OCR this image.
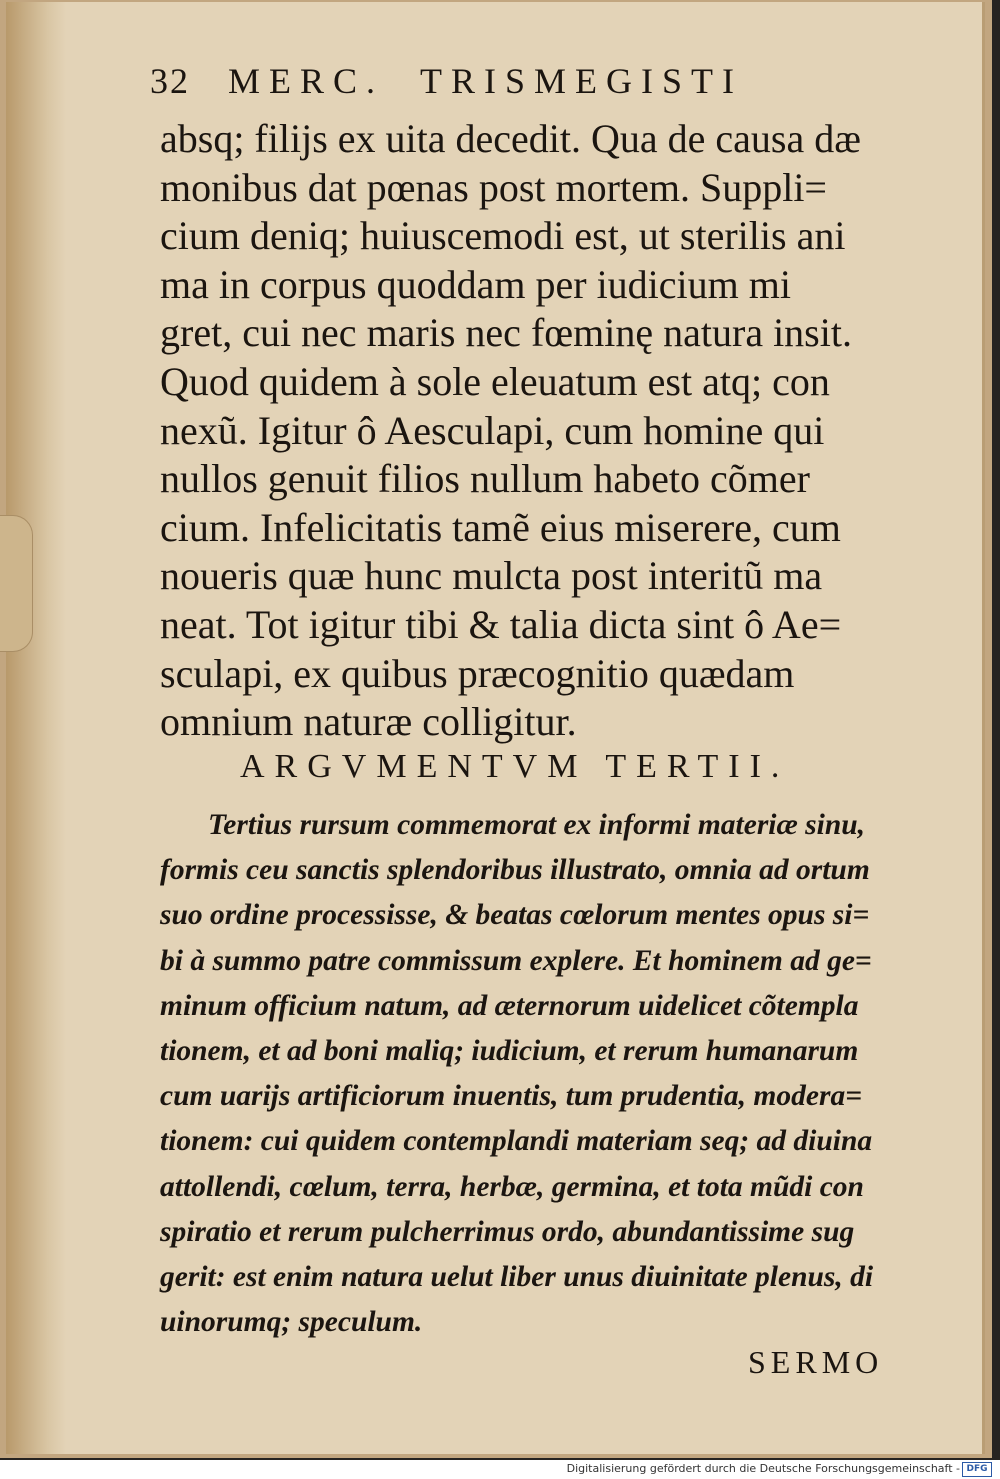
32 MERC. TRISMEGISTI
absq; filijs ex uita decedit. Qua de causa dæ
monibus dat pœnas post mortem. Suppli=
cium deniq; huiuscemodi est, ut sterilis ani
ma in corpus quoddam per iudicium mi
gret, cui nec maris nec fœminę natura insit.
Quod quidem à sole eleuatum est atq; con
nexũ. Igitur ô Aesculapi, cum homine qui
nullos genuit filios nullum habeto cõmer
cium. Infelicitatis tamẽ eius miserere, cum
noueris quæ hunc mulcta post interitũ ma
neat. Tot igitur tibi & talia dicta sint ô Ae=
sculapi, ex quibus præcognitio quædam
omnium naturæ colligitur.
ARGVMENTVM TERTII.
Tertius rursum commemorat ex informi materiæ sinu,
formis ceu sanctis splendoribus illustrato, omnia ad ortum
suo ordine processisse, & beatas cœlorum mentes opus si=
bi à summo patre commissum explere. Et hominem ad ge=
minum officium natum, ad æternorum uidelicet cõtempla
tionem, et ad boni maliq; iudicium, et rerum humanarum
cum uarijs artificiorum inuentis, tum prudentia, modera=
tionem: cui quidem contemplandi materiam seq; ad diuina
attollendi, cœlum, terra, herbæ, germina, et tota mũdi con
spiratio et rerum pulcherrimus ordo, abundantissime sug
gerit: est enim natura uelut liber unus diuinitate plenus, di
uinorumq; speculum.
SERMO
Digitalisierung gefördert durch die Deutsche Forschungsgemeinschaft - DFG
